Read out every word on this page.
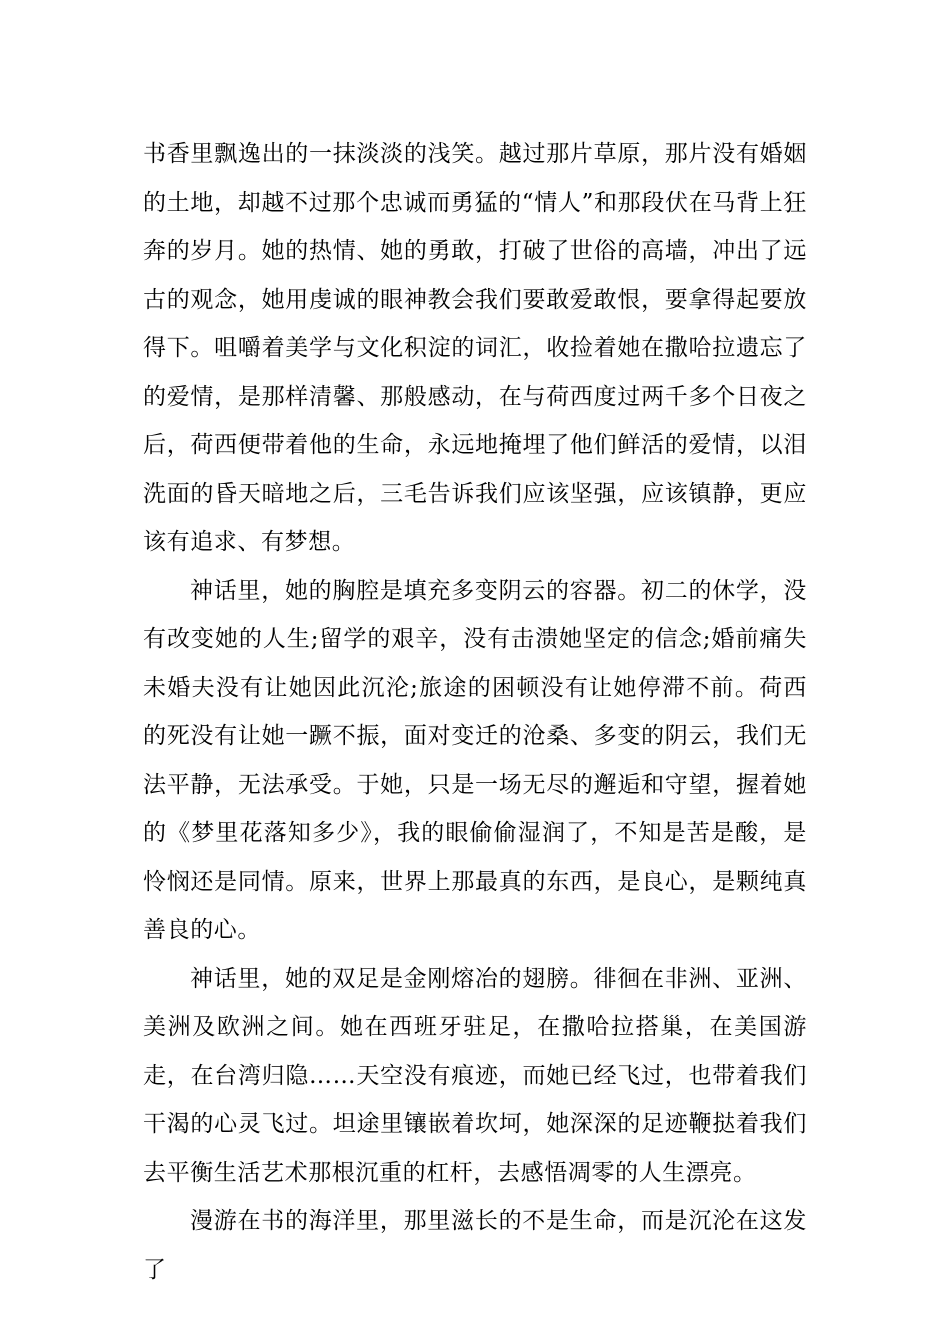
书香里飘逸出的一抹淡淡的浅笑。越过那片草原，那片没有婚姻的土地，却越不过那个忠诚而勇猛的“情人”和那段伏在马背上狂奔的岁月。她的热情、她的勇敢，打破了世俗的高墙，冲出了远古的观念，她用虔诚的眼神教会我们要敢爱敢恨，要拿得起要放得下。咀嚼着美学与文化积淀的词汇，收捡着她在撒哈拉遗忘了的爱情，是那样清馨、那般感动，在与荷西度过两千多个日夜之后，荷西便带着他的生命，永远地掩埋了他们鲜活的爱情，以泪洗面的昏天暗地之后，三毛告诉我们应该坚强，应该镇静，更应该有追求、有梦想。

神话里，她的胸腔是填充多变阴云的容器。初二的休学，没有改变她的人生;留学的艰辛，没有击溃她坚定的信念;婚前痛失未婚夫没有让她因此沉沦;旅途的困顿没有让她停滞不前。荷西的死没有让她一蹶不振，面对变迁的沧桑、多变的阴云，我们无法平静，无法承受。于她，只是一场无尽的邂逅和守望，握着她的《梦里花落知多少》，我的眼偷偷湿润了，不知是苦是酸，是怜悯还是同情。原来，世界上那最真的东西，是良心，是颗纯真善良的心。

神话里，她的双足是金刚熔冶的翅膀。徘徊在非洲、亚洲、美洲及欧洲之间。她在西班牙驻足，在撒哈拉搭巢，在美国游走，在台湾归隐……天空没有痕迹，而她已经飞过，也带着我们干渴的心灵飞过。坦途里镶嵌着坎坷，她深深的足迹鞭挞着我们去平衡生活艺术那根沉重的杠杆，去感悟凋零的人生漂亮。

漫游在书的海洋里，那里滋长的不是生命，而是沉沦在这发了
